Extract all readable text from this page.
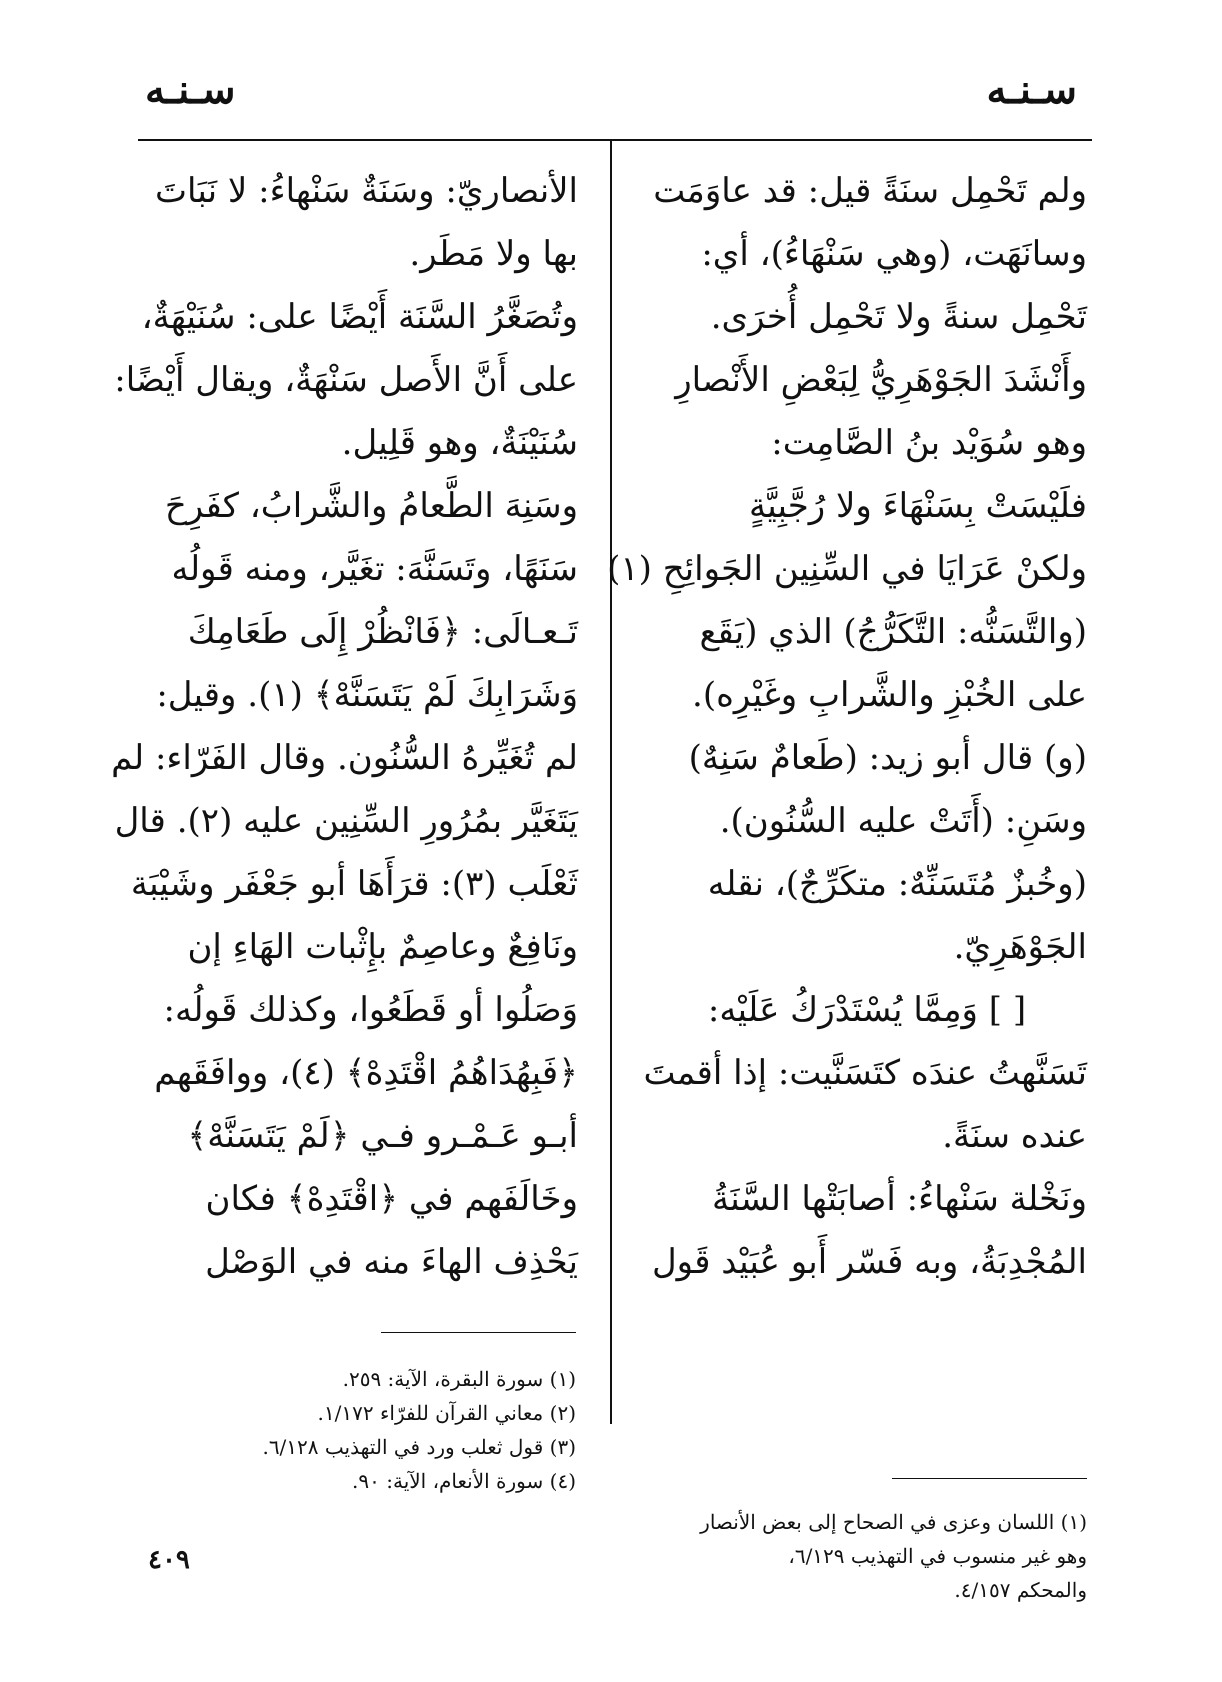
سـنـه
سـنـه
ولم تَحْمِل سنَةً قيل: قد عاوَمَت
وسانَهَت، (وهي سَنْهَاءُ)، أي:
تَحْمِل سنةً ولا تَحْمِل أُخرَى.
وأَنْشَدَ الجَوْهَرِيُّ لِبَعْضِ الأَنْصارِ
وهو سُوَيْد بنُ الصَّامِت:
فلَيْسَتْ بِسَنْهَاءَ ولا رُجَّبِيَّةٍ
ولكنْ عَرَايَا في السِّنِين الجَوائِحِ (١)
(والتَّسَنُّه: التَّكَرُّجُ) الذي (يَقَع
على الخُبْزِ والشَّرابِ وغَيْرِه).
(و) قال أبو زيد: (طَعامٌ سَنِهٌ)
وسَنِ: (أَتَتْ عليه السُّنُون).
(وخُبزٌ مُتَسَنِّهٌ: متكَرِّجٌ)، نقله
الجَوْهَرِيّ.
[ ] وَمِمَّا يُسْتَدْرَكُ عَلَيْه:
تَسَنَّهتُ عندَه كتَسَنَّيت: إذا أقمتَ
عنده سنَةً.
ونَخْلة سَنْهاءُ: أصابَتْها السَّنَةُ
المُجْدِبَةُ، وبه فَسّر أَبو عُبَيْد قَول
الأنصاريّ: وسَنَةٌ سَنْهاءُ: لا نَبَاتَ
بها ولا مَطَر.
وتُصَغَّرُ السَّنَة أَيْضًا على: سُنَيْهَةٌ،
على أَنَّ الأَصل سَنْهَةٌ، ويقال أَيْضًا:
سُنَيْنَةٌ، وهو قَلِيل.
وسَنِهَ الطَّعامُ والشَّرابُ، كفَرِحَ
سَنَهًا، وتَسَنَّهَ: تغَيَّر، ومنه قَولُه
تَـعـالَى: ﴿فَانْظُرْ إِلَى طَعَامِكَ
وَشَرَابِكَ لَمْ يَتَسَنَّهْ﴾ (١). وقيل:
لم تُغَيِّرهُ السُّنُون. وقال الفَرّاء: لم
يَتَغَيَّر بمُرُورِ السِّنِين عليه (٢). قال
ثَعْلَب (٣): قرَأَهَا أبو جَعْفَر وشَيْبَة
ونَافِعٌ وعاصِمٌ بإِثْبات الهَاءِ إن
وَصَلُوا أو قَطَعُوا، وكذلك قَولُه:
﴿فَبِهُدَاهُمُ اقْتَدِهْ﴾ (٤)، ووافَقَهم
أبـو عَـمْـرو فـي ﴿لَمْ يَتَسَنَّهْ﴾
وخَالَفَهم في ﴿اقْتَدِهْ﴾ فكان
يَحْذِف الهاءَ منه في الوَصْل
(١) اللسان وعزى في الصحاح إلى بعض الأنصار
وهو غير منسوب في التهذيب ٦/١٢٩،
والمحكم ٤/١٥٧.
(١) سورة البقرة، الآية: ٢٥٩.
(٢) معاني القرآن للفرّاء ١/١٧٢.
(٣) قول ثعلب ورد في التهذيب ٦/١٢٨.
(٤) سورة الأنعام، الآية: ٩٠.
٤٠٩
